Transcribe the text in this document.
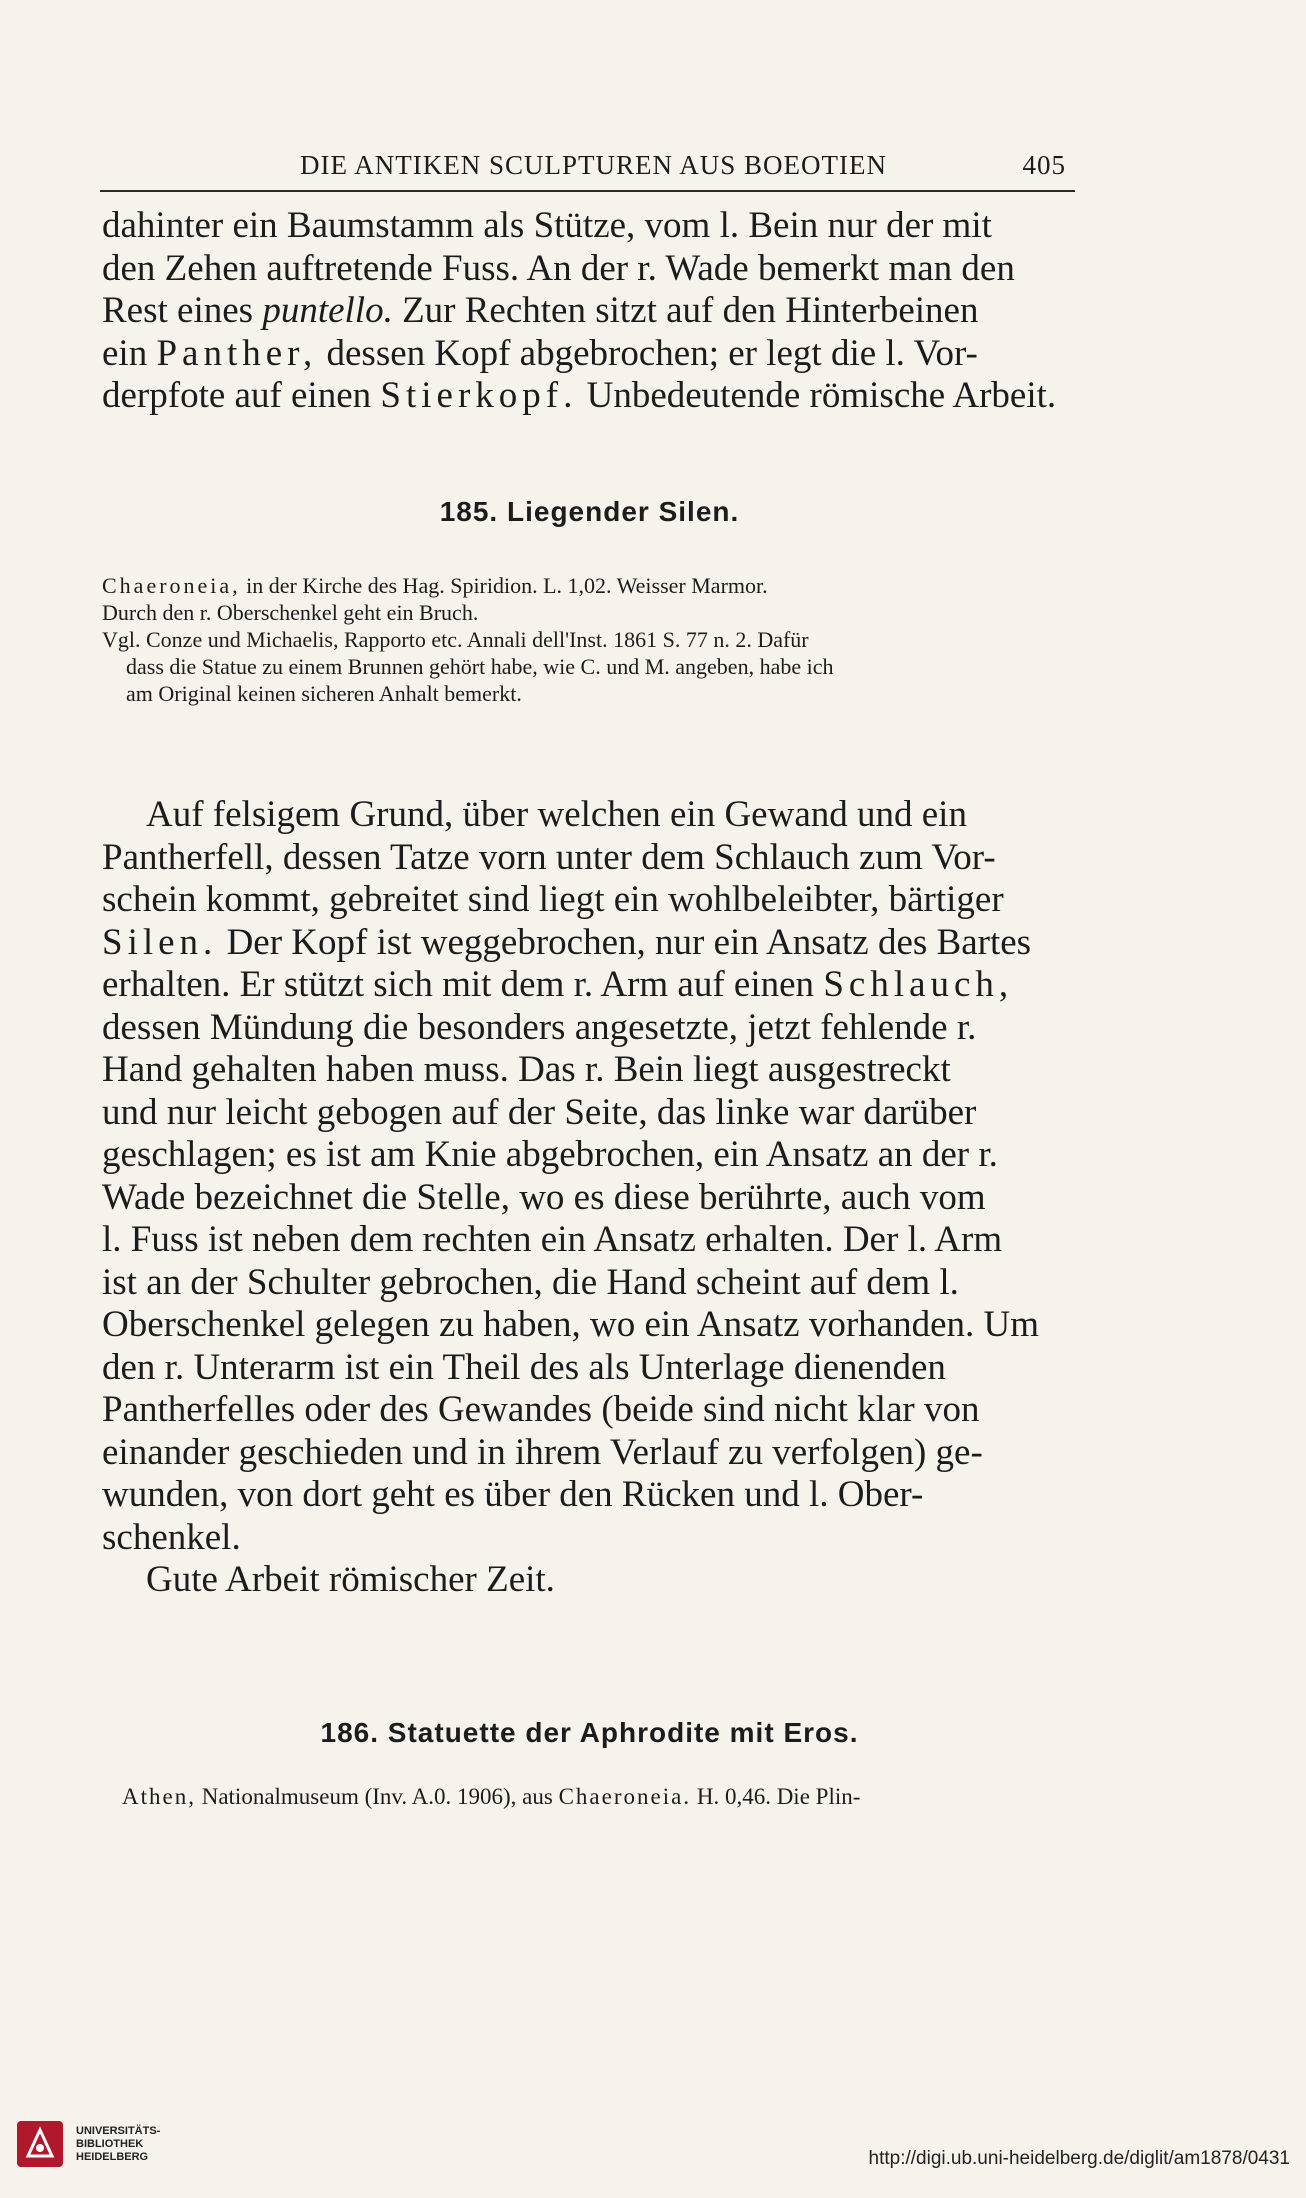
DIE ANTIKEN SCULPTUREN AUS BOEOTIEN	405

dahinter ein Baumstamm als Stütze, vom l. Bein nur der mit

den Zehen auftretende Fuss. An der r. Wade bemerkt man den

Rest eines puntello. Zur Rechten sitzt auf den Hinterbeinen

ein Panther, dessen Kopf abgebrochen; er legt die l. Vor-

derpfote auf einen Stierkopf. Unbedeutende römische Arbeit.

185. Liegender Silen.

Chaeroneia, in der Kirche des Hag. Spiridion. L. 1,02. Weisser Marmor.

Durch den r. Oberschenkel geht ein Bruch.

Vgl. Conze und Michaelis, Rapporto etc. Annali dell'Inst. 1861 S. 77 n. 2. Dafür

dass die Statue zu einem Brunnen gehört habe, wie C. und M. angeben, habe ich

am Original keinen sicheren Anhalt bemerkt.

Auf felsigem Grund, über welchen ein Gewand und ein

Pantherfell, dessen Tatze vorn unter dem Schlauch zum Vor-

schein kommt, gebreitet sind liegt ein wohlbeleibter, bärtiger

Silen. Der Kopf ist weggebrochen, nur ein Ansatz des Bartes

erhalten. Er stützt sich mit dem r. Arm auf einen Schlauch,

dessen Mündung die besonders angesetzte, jetzt fehlende r.

Hand gehalten haben muss. Das r. Bein liegt ausgestreckt

und nur leicht gebogen auf der Seite, das linke war darüber

geschlagen; es ist am Knie abgebrochen, ein Ansatz an der r.

Wade bezeichnet die Stelle, wo es diese berührte, auch vom

l. Fuss ist neben dem rechten ein Ansatz erhalten. Der l. Arm

ist an der Schulter gebrochen, die Hand scheint auf dem l.

Oberschenkel gelegen zu haben, wo ein Ansatz vorhanden. Um

den r. Unterarm ist ein Theil des als Unterlage dienenden

Pantherfelles oder des Gewandes (beide sind nicht klar von

einander geschieden und in ihrem Verlauf zu verfolgen) ge-

wunden, von dort geht es über den Rücken und l. Ober-

schenkel.

Gute Arbeit römischer Zeit.

186. Statuette der Aphrodite mit Eros.

Athen, Nationalmuseum (Inv. A.0. 1906), aus Chaeroneia. H. 0,46. Die Plin-

UNIVERSITÄTS-
BIBLIOTHEK
HEIDELBERG	http://digi.ub.uni-heidelberg.de/diglit/am1878/0431
